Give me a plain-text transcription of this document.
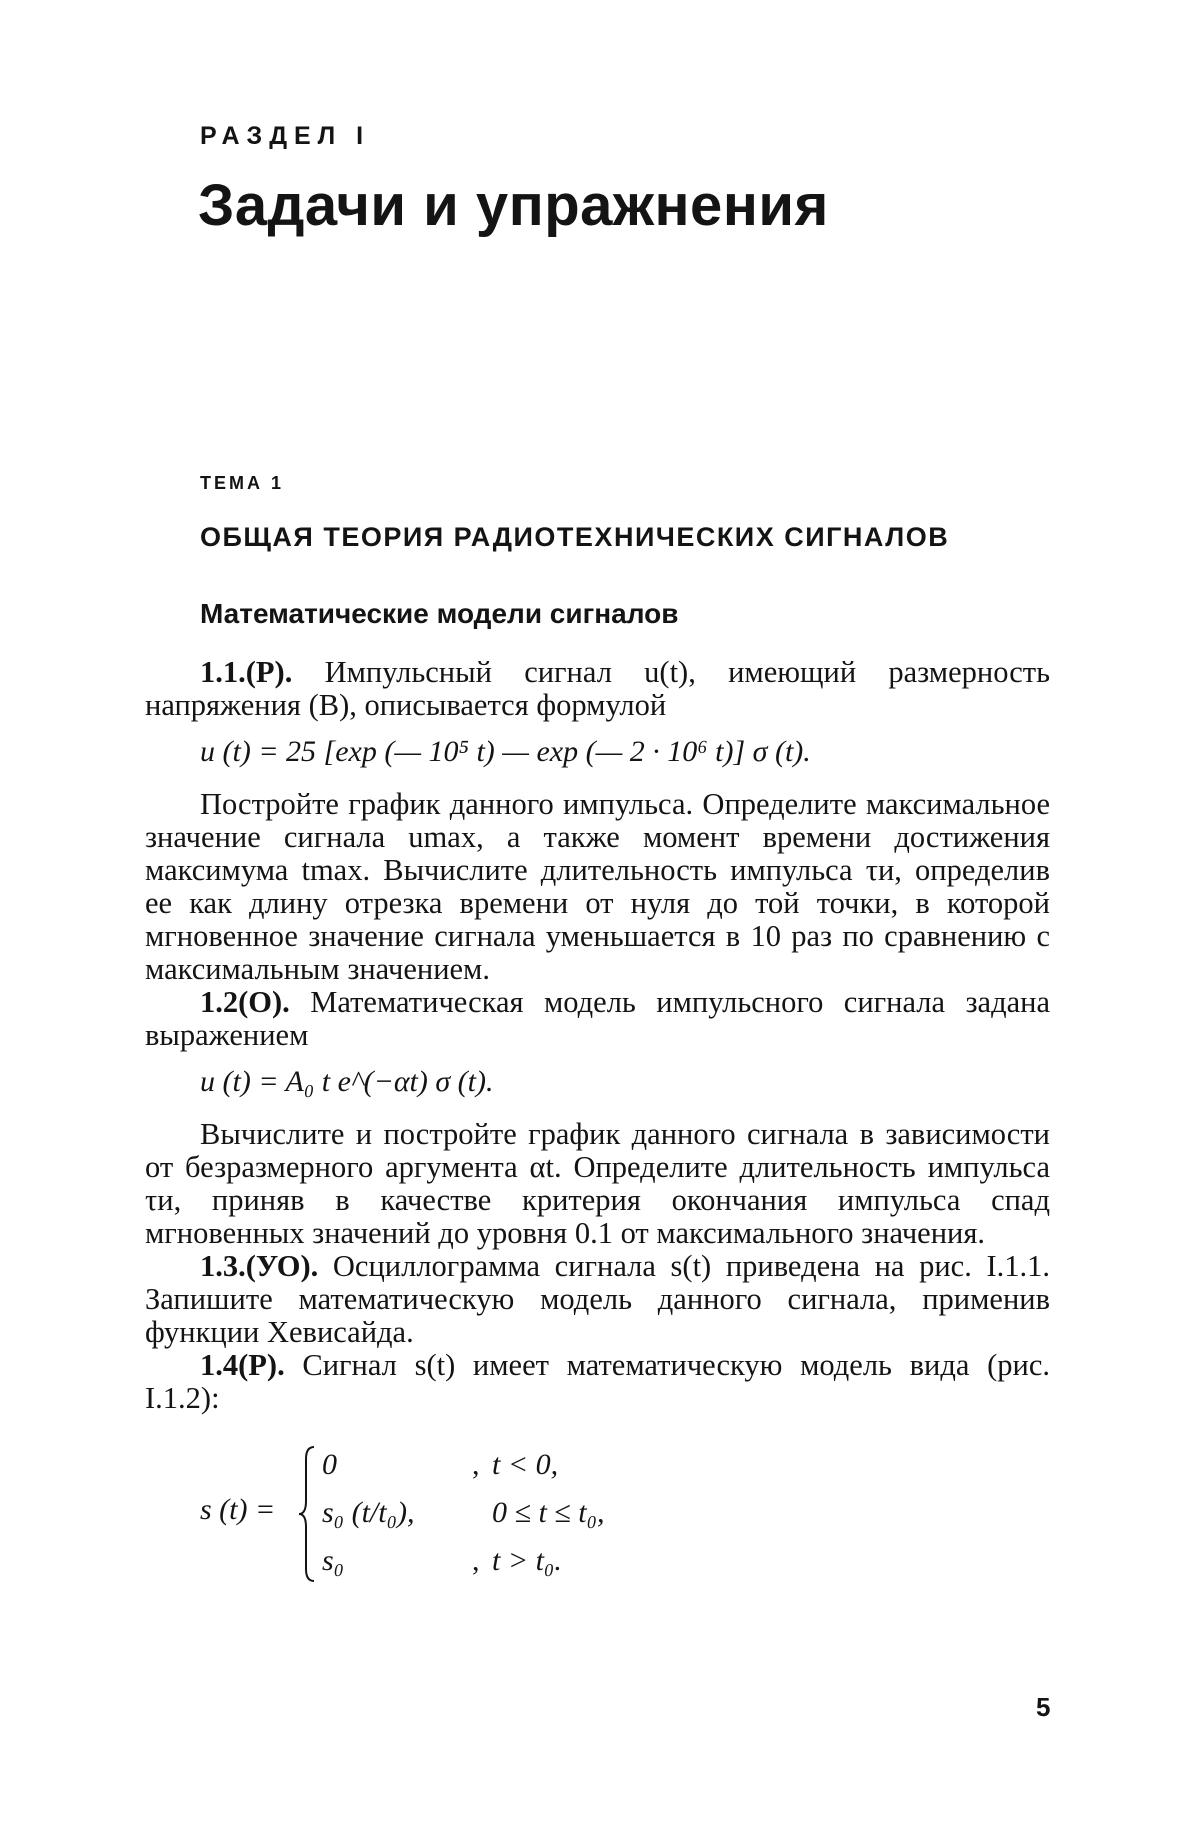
РАЗДЕЛ I
Задачи и упражнения
ТЕМА 1
ОБЩАЯ ТЕОРИЯ РАДИОТЕХНИЧЕСКИХ СИГНАЛОВ
Математические модели сигналов

1.1.(Р). Импульсный сигнал u(t), имеющий размерность напряжения (В), описывается формулой

u (t) = 25 [exp (— 10⁵ t) — exp (— 2 · 10⁶ t)] σ (t).

Постройте график данного импульса. Определите максимальное значение сигнала umax, а также момент времени достижения максимума tmax. Вычислите длительность импульса τи, определив ее как длину отрезка времени от нуля до той точки, в которой мгновенное значение сигнала уменьшается в 10 раз по сравнению с максимальным значением.

1.2(О). Математическая модель импульсного сигнала задана выражением

u (t) = A₀ t e^(−αt) σ (t).

Вычислите и постройте график данного сигнала в зависимости от безразмерного аргумента αt. Определите длительность импульса τи, приняв в качестве критерия окончания импульса спад мгновенных значений до уровня 0.1 от максимального значения.

1.3.(УО). Осциллограмма сигнала s(t) приведена на рис. I.1.1. Запишите математическую модель данного сигнала, применив функции Хевисайда.

1.4(Р). Сигнал s(t) имеет математическую модель вида (рис. I.1.2):

s (t) =
0	, t < 0,
s₀ (t/t₀),	0 ≤ t ≤ t₀,
s₀	, t > t₀.
5
